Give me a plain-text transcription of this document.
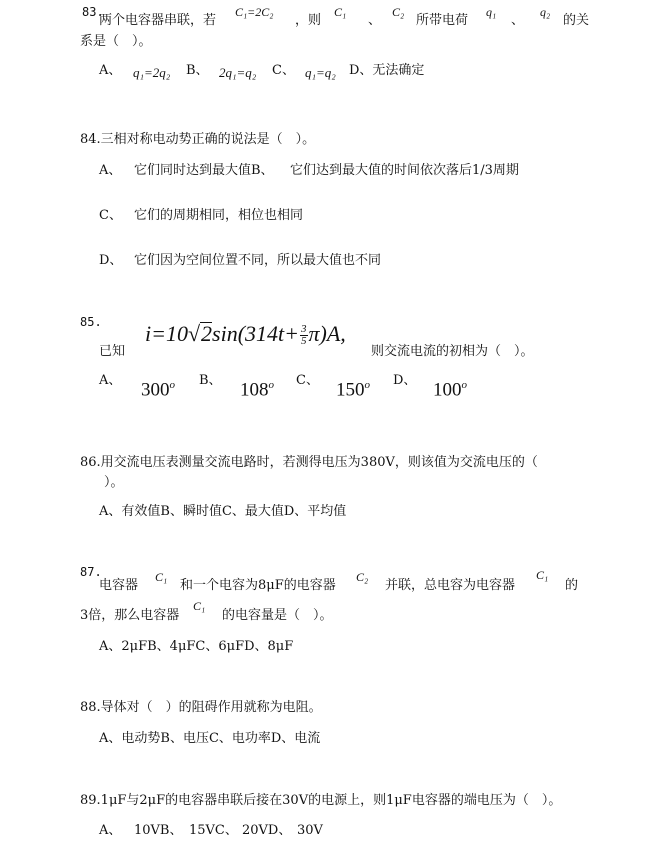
83.
两个电容器串联，若
C₁=2C₂
，则
C₁
、
C₂
所带电荷
q₁
、
q₂
的关
系是（　）。
A、 q₁=2q₂ B、 2q₁=q₂ C、 q₁=q₂ D、无法确定
84.三相对称电动势正确的说法是（　）。
A、 它们同时达到最大值B、 它们达到最大值的时间依次落后1/3周期
C、 它们的周期相同，相位也相同
D、 它们因为空间位置不同，所以最大值也不同
85. $i=10√2\sin(314t+ \frac{3}{5} \pi)A$,
已知	则交流电流的初相为（　）。
A、 300$^o$ B、 108$^o$ C、 150$^o$ D、 100$^o$
86.用交流电压表测量交流电路时，若测得电压为380V，则该值为交流电压的（
）。
A、有效值B、瞬时值C、最大值D、平均值
87.
电容器
C₁
和一个电容为8μF的电容器
C₂
并联，总电容为电容器
C₁
的
3倍，那么电容器
C₁
的电容量是（　）。
A、2μFB、4μFC、6μFD、8μF
88.导体对（　）的阻碍作用就称为电阻。
A、电动势B、电压C、电功率D、电流
89.1μF与2μF的电容器串联后接在30V的电源上，则1μF电容器的端电压为（　）。
A、 10VB、 15VC、 20VD、 30V
